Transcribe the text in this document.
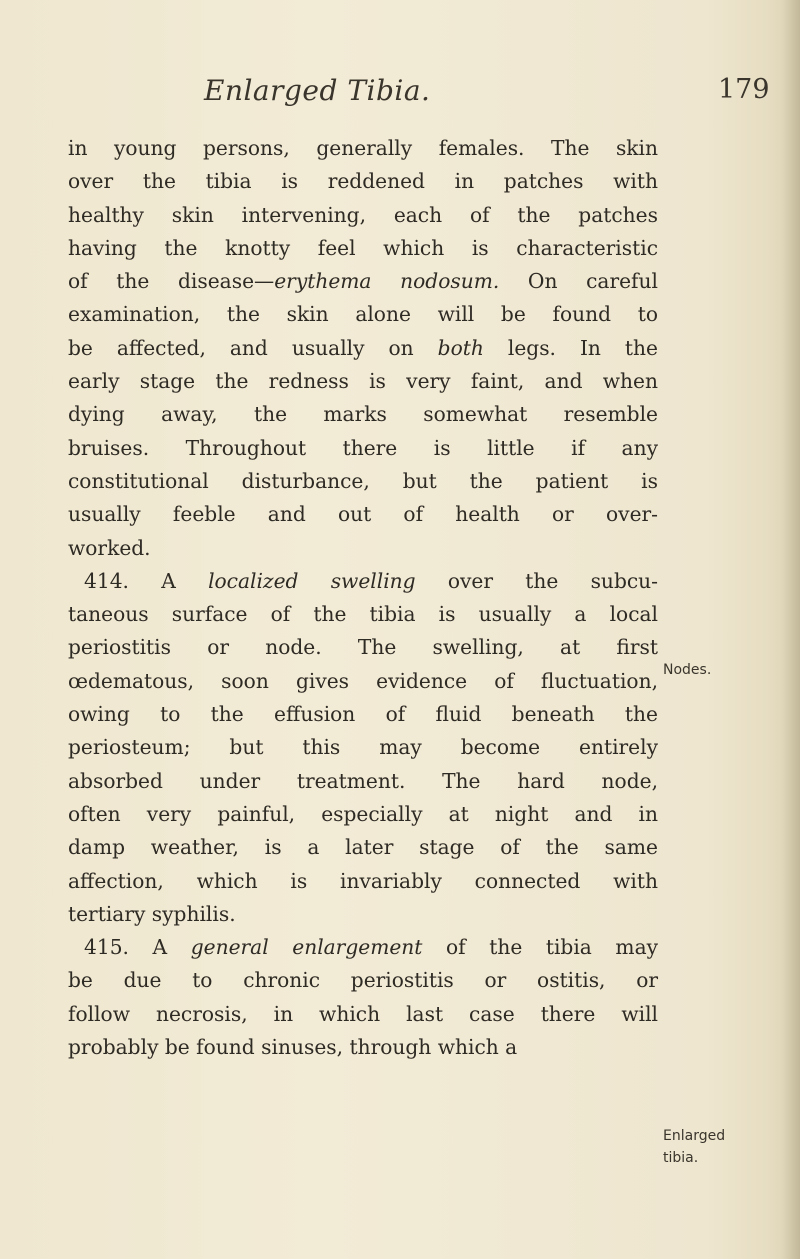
Enlarged Tibia.	179
in young persons, generally females. The skin
over the tibia is reddened in patches with
healthy skin intervening, each of the patches
having the knotty feel which is characteristic
of the disease—erythema nodosum. On careful
examination, the skin alone will be found to
be affected, and usually on both legs. In the
early stage the redness is very faint, and when
dying away, the marks somewhat resemble
bruises. Throughout there is little if any
constitutional disturbance, but the patient is
usually feeble and out of health or over-
worked.
414. A localized swelling over the subcu-
taneous surface of the tibia is usually a local
periostitis or node. The swelling, at first
œdematous, soon gives evidence of fluctuation,
owing to the effusion of fluid beneath the
periosteum; but this may become entirely
absorbed under treatment. The hard node,
often very painful, especially at night and in
damp weather, is a later stage of the same
affection, which is invariably connected with
tertiary syphilis.
415. A general enlargement of the tibia may
be due to chronic periostitis or ostitis, or
follow necrosis, in which last case there will
probably be found sinuses, through which a
Nodes.
Enlarged
tibia.
